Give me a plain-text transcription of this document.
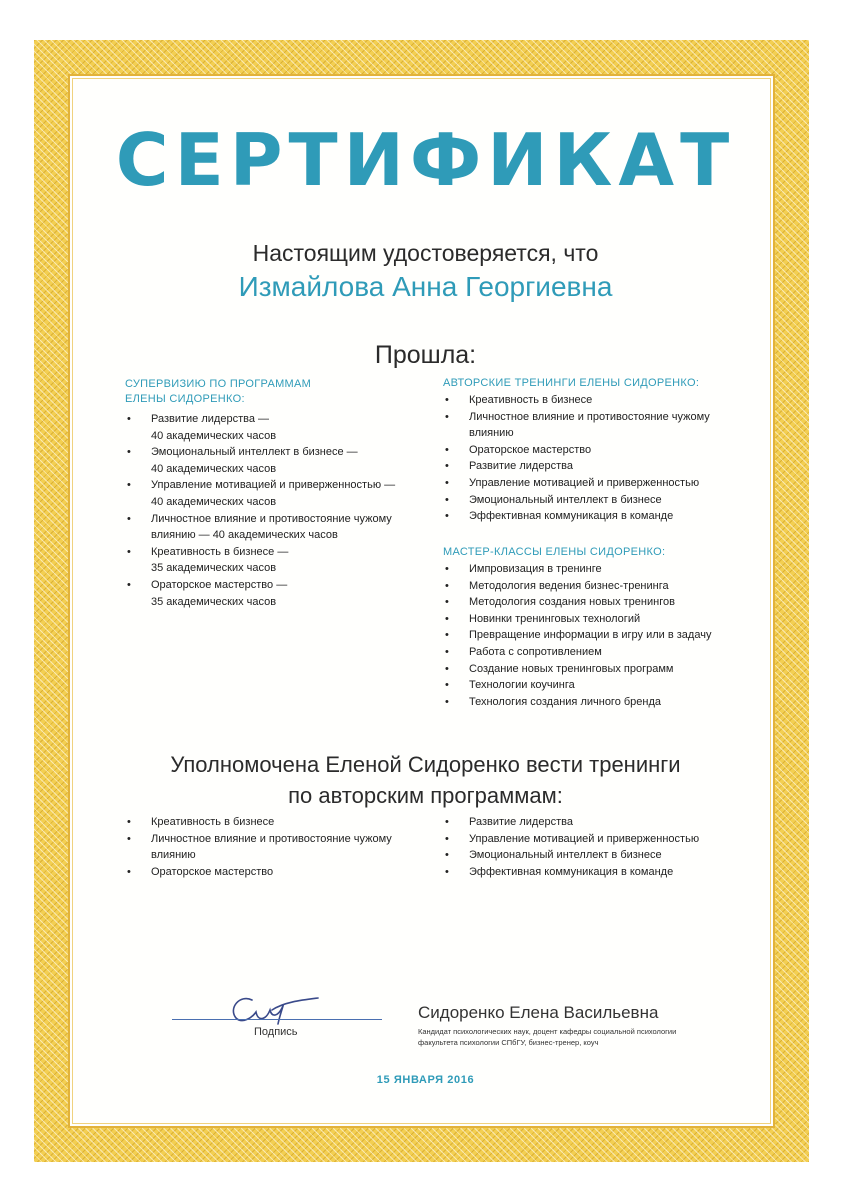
СЕРТИФИКАТ
Настоящим удостоверяется, что
Измайлова Анна Георгиевна
Прошла:
СУПЕРВИЗИЮ ПО ПРОГРАММАМ
ЕЛЕНЫ СИДОРЕНКО:
• Развитие лидерства —
40 академических часов
• Эмоциональный интеллект в бизнесе —
40 академических часов
• Управление мотивацией и приверженностью —
40 академических часов
• Личностное влияние и противостояние чужому
влиянию — 40 академических часов
• Креативность в бизнесе —
35 академических часов
• Ораторское мастерство —
35 академических часов
АВТОРСКИЕ ТРЕНИНГИ ЕЛЕНЫ СИДОРЕНКО:
• Креативность в бизнесе
• Личностное влияние и противостояние чужому
влиянию
• Ораторское мастерство
• Развитие лидерства
• Управление мотивацией и приверженностью
• Эмоциональный интеллект в бизнесе
• Эффективная коммуникация в команде
МАСТЕР-КЛАССЫ ЕЛЕНЫ СИДОРЕНКО:
• Импровизация в тренинге
• Методология ведения бизнес-тренинга
• Методология создания новых тренингов
• Новинки тренинговых технологий
• Превращение информации в игру или в задачу
• Работа с сопротивлением
• Создание новых тренинговых программ
• Технологии коучинга
• Технология создания личного бренда
Уполномочена Еленой Сидоренко вести тренинги
по авторским программам:
• Креативность в бизнесе
• Личностное влияние и противостояние чужому
влиянию
• Ораторское мастерство
• Развитие лидерства
• Управление мотивацией и приверженностью
• Эмоциональный интеллект в бизнесе
• Эффективная коммуникация в команде
Подпись
Сидоренко Елена Васильевна
Кандидат психологических наук, доцент кафедры социальной психологии
факультета психологии СПбГУ, бизнес-тренер, коуч
15 ЯНВАРЯ 2016
